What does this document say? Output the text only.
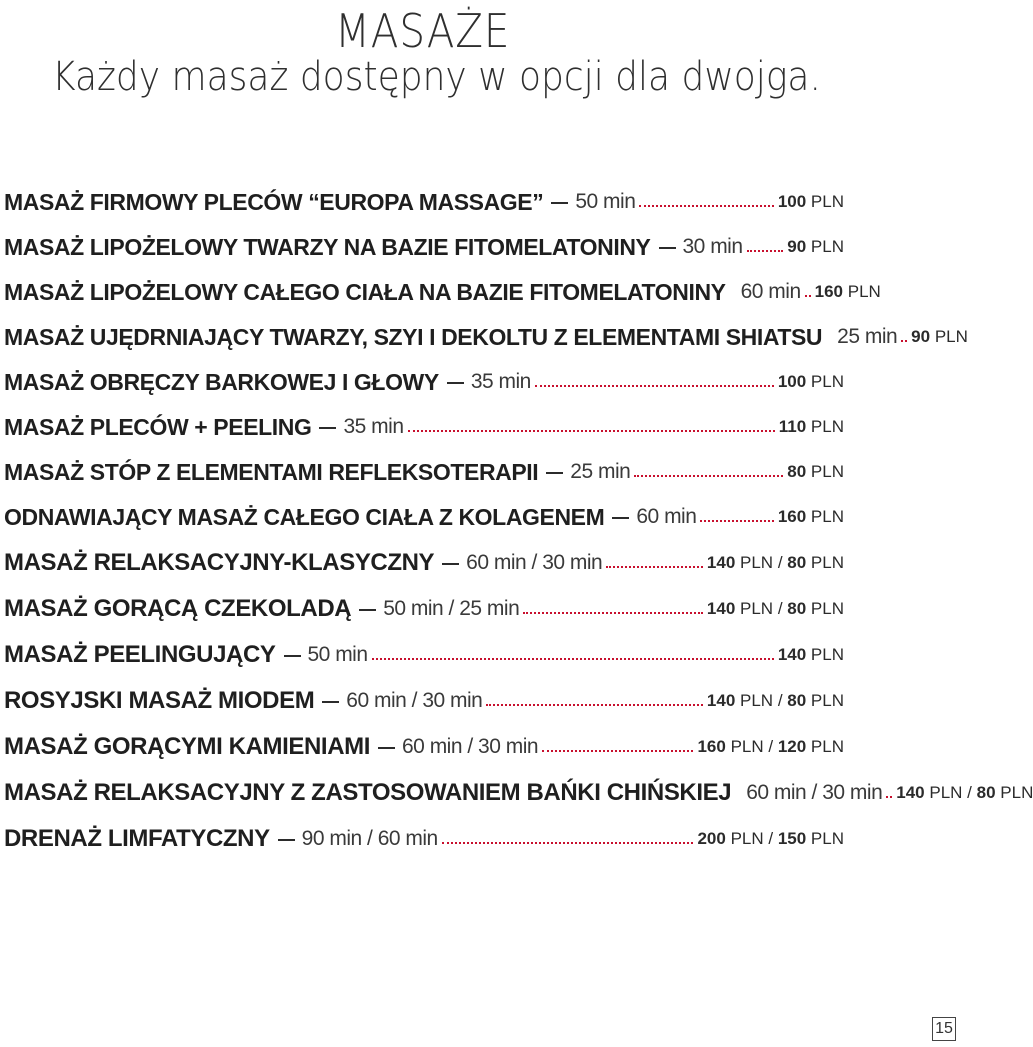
MASAŻE
Każdy masaż dostępny w opcji dla dwojga.
MASAŻ FIRMOWY PLECÓW “EUROPA MASSAGE” 50 min	100 PLN
MASAŻ LIPOŻELOWY TWARZY NA BAZIE FITOMELATONINY 30 min	90 PLN
MASAŻ LIPOŻELOWY CAŁEGO CIAŁA NA BAZIE FITOMELATONINY 60 min 160 PLN
MASAŻ UJĘDRNIAJĄCY TWARZY, SZYI I DEKOLTU Z ELEMENTAMI SHIATSU 25 min 90 PLN
MASAŻ OBRĘCZY BARKOWEJ I GŁOWY 35 min	100 PLN
MASAŻ PLECÓW + PEELING 35 min	110 PLN
MASAŻ STÓP Z ELEMENTAMI REFLEKSOTERAPII 25 min	80 PLN
ODNAWIAJĄCY MASAŻ CAŁEGO CIAŁA Z KOLAGENEM 60 min	160 PLN
MASAŻ RELAKSACYJNY-KLASYCZNY 60 min / 30 min	140 PLN / 80 PLN
MASAŻ GORĄCĄ CZEKOLADĄ 50 min / 25 min	140 PLN / 80 PLN
MASAŻ PEELINGUJĄCY 50 min	140 PLN
ROSYJSKI MASAŻ MIODEM 60 min / 30 min	140 PLN / 80 PLN
MASAŻ GORĄCYMI KAMIENIAMI 60 min / 30 min	160 PLN / 120 PLN
MASAŻ RELAKSACYJNY Z ZASTOSOWANIEM BAŃKI CHIŃSKIEJ 60 min / 30 min 140 PLN / 80 PLN
DRENAŻ LIMFATYCZNY 90 min / 60 min	200 PLN / 150 PLN
15
